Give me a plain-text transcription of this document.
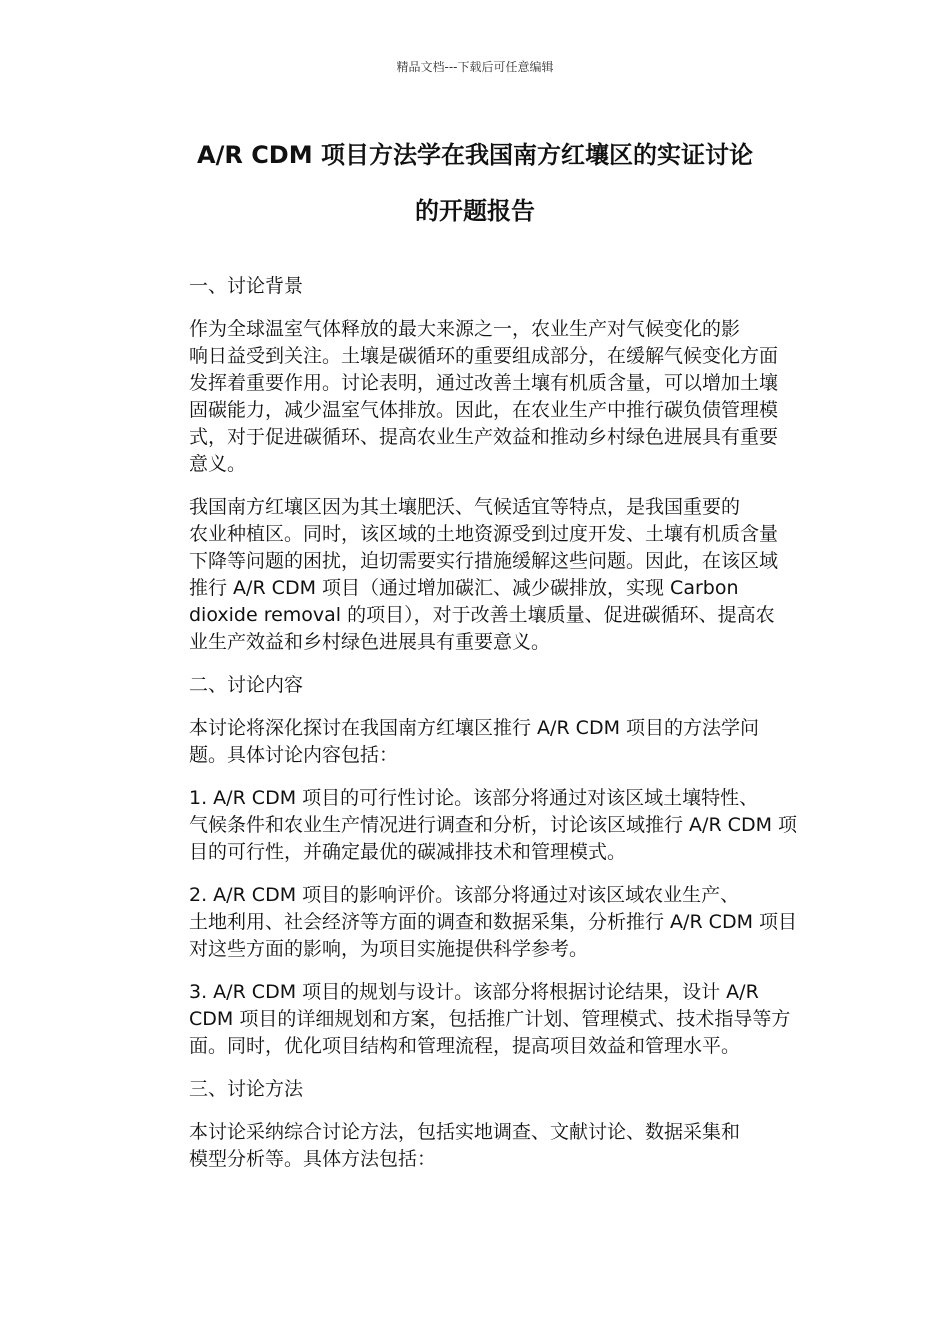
精品文档---下载后可任意编辑
A/R CDM 项目方法学在我国南方红壤区的实证讨论
的开题报告

一、讨论背景

作为全球温室气体释放的最大来源之一，农业生产对气候变化的影
响日益受到关注。土壤是碳循环的重要组成部分，在缓解气候变化方面
发挥着重要作用。讨论表明，通过改善土壤有机质含量，可以增加土壤
固碳能力，减少温室气体排放。因此，在农业生产中推行碳负债管理模
式，对于促进碳循环、提高农业生产效益和推动乡村绿色进展具有重要
意义。

我国南方红壤区因为其土壤肥沃、气候适宜等特点，是我国重要的
农业种植区。同时，该区域的土地资源受到过度开发、土壤有机质含量
下降等问题的困扰，迫切需要实行措施缓解这些问题。因此，在该区域
推行 A/R CDM 项目（通过增加碳汇、减少碳排放，实现 Carbon
dioxide removal 的项目），对于改善土壤质量、促进碳循环、提高农
业生产效益和乡村绿色进展具有重要意义。

二、讨论内容

本讨论将深化探讨在我国南方红壤区推行 A/R CDM 项目的方法学问
题。具体讨论内容包括：

1. A/R CDM 项目的可行性讨论。该部分将通过对该区域土壤特性、
气候条件和农业生产情况进行调查和分析，讨论该区域推行 A/R CDM 项
目的可行性，并确定最优的碳减排技术和管理模式。

2. A/R CDM 项目的影响评价。该部分将通过对该区域农业生产、
土地利用、社会经济等方面的调查和数据采集，分析推行 A/R CDM 项目
对这些方面的影响，为项目实施提供科学参考。

3. A/R CDM 项目的规划与设计。该部分将根据讨论结果，设计 A/R
CDM 项目的详细规划和方案，包括推广计划、管理模式、技术指导等方
面。同时，优化项目结构和管理流程，提高项目效益和管理水平。

三、讨论方法

本讨论采纳综合讨论方法，包括实地调查、文献讨论、数据采集和
模型分析等。具体方法包括：
